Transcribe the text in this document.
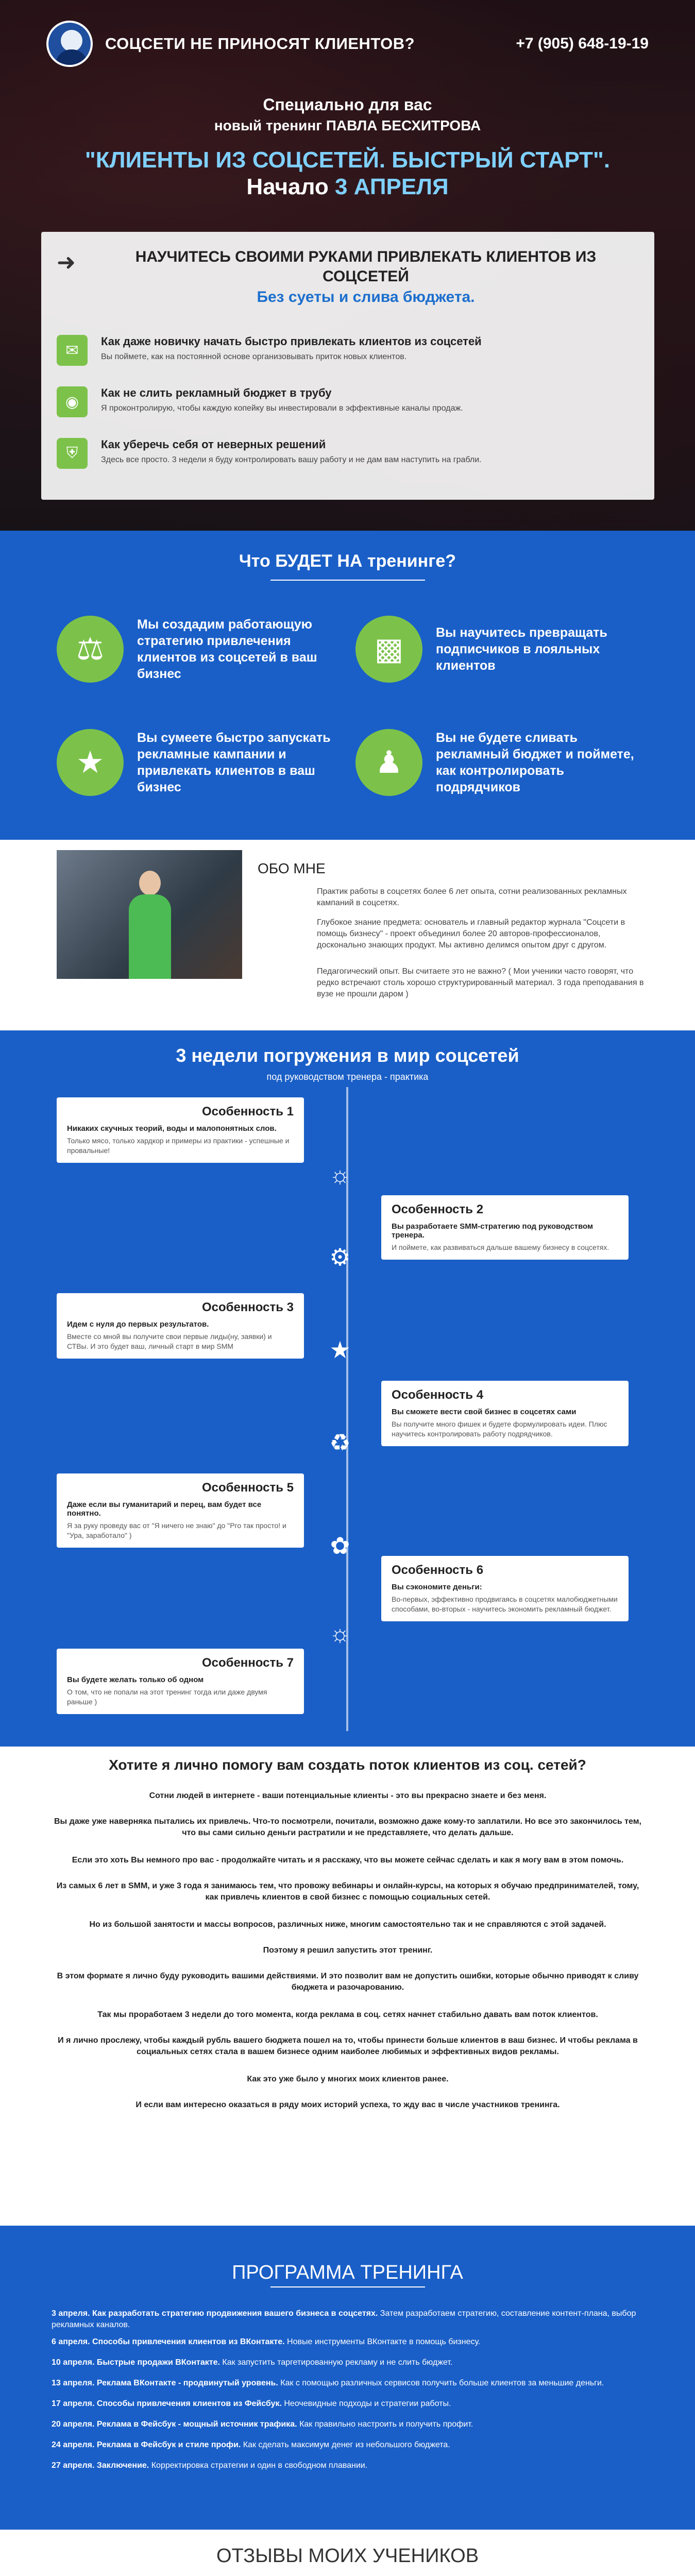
СОЦСЕТИ НЕ ПРИНОСЯТ КЛИЕНТОВ?	+7 (905) 648-19-19
Специально для вас
новый тренинг ПАВЛА БЕСХИТРОВА
"КЛИЕНТЫ ИЗ СОЦСЕТЕЙ. БЫСТРЫЙ СТАРТ".
Начало 3 АПРЕЛЯ
➜	НАУЧИТЕСЬ СВОИМИ РУКАМИ ПРИВЛЕКАТЬ КЛИЕНТОВ ИЗ СОЦСЕТЕЙ
Без суеты и слива бюджета.
✉
Как даже новичку начать быстро привлекать клиентов из соцсетей
Вы поймете, как на постоянной основе организовывать приток новых клиентов.
◉
Как не слить рекламный бюджет в трубу
Я проконтролирую, чтобы каждую копейку вы инвестировали в эффективные каналы продаж.
⛨
Как уберечь себя от неверных решений
Здесь все просто. 3 недели я буду контролировать вашу работу и не дам вам наступить на грабли.
Что БУДЕТ НА тренинге?
⚖
Мы создадим работающую стратегию привлечения клиентов из соцсетей в ваш бизнес
▩	Вы научитесь превращать подписчиков в лояльных клиентов
★
Вы сумеете быстро запускать рекламные кампании и привлекать клиентов в ваш бизнес
♟
Вы не будете сливать рекламный бюджет и поймете, как контролировать подрядчиков
ОБО МНЕ
Практик работы в соцсетях более 6 лет опыта, сотни реализованных рекламных кампаний в соцсетях.
Глубокое знание предмета: основатель и главный редактор журнала "Соцсети в помощь бизнесу" - проект объединил более 20 авторов-профессионалов, досконально знающих продукт. Мы активно делимся опытом друг с другом.
Педагогический опыт. Вы считаете это не важно? ( Мои ученики часто говорят, что редко встречают столь хорошо структурированный материал. 3 года преподавания в вузе не прошли даром )
3 недели погружения в мир соцсетей
под руководством тренера - практика
Особенность 1
Никаких скучных теорий, воды и малопонятных слов.
Только мясо, только хардкор и примеры из практики - успешные и провальные!
☼
Особенность 2
Вы разработаете SMM-стратегию под руководством тренера.
И поймете, как развиваться дальше вашему бизнесу в соцсетях.
⚙
Особенность 3
Идем с нуля до первых результатов.
Вместе со мной вы получите свои первые лиды(ну, заявки) и СТВы. И это будет ваш, личный старт в мир SMM	★
Особенность 4
Вы сможете вести свой бизнес в соцсетях сами
Вы получите много фишек и будете формулировать идеи. Плюс научитесь контролировать работу подрядчиков.
♻
Особенность 5
Даже если вы гуманитарий и перец, вам будет все понятно.
Я за руку проведу вас от "Я ничего не знаю" до "Рго так просто! и "Ура, заработало" )	✿
Особенность 6
Вы сэкономите деньги:
Во-первых, эффективно продвигаясь в соцсетях малобюджетными способами, во-вторых - научитесь экономить рекламный бюджет.
☼
Особенность 7
Вы будете желать только об одном
О том, что не попали на этот тренинг тогда или даже двумя раньше )
Хотите я лично помогу вам создать поток клиентов из соц. сетей?
Сотни людей в интернете - ваши потенциальные клиенты - это вы прекрасно знаете и без меня.
Вы даже уже наверняка пытались их привлечь. Что-то посмотрели, почитали, возможно даже кому-то заплатили. Но все это закончилось тем, что вы сами сильно деньги растратили и не представляете, что делать дальше.
Если это хоть Вы немного про вас - продолжайте читать и я расскажу, что вы можете сейчас сделать и как я могу вам в этом помочь.
Из самых 6 лет в SMM, и уже 3 года я занимаюсь тем, что провожу вебинары и онлайн-курсы, на которых я обучаю предпринимателей, тому, как привлечь клиентов в свой бизнес с помощью социальных сетей.
Но из большой занятости и массы вопросов, различных ниже, многим самостоятельно так и не справляются с этой задачей.
Поэтому я решил запустить этот тренинг.
В этом формате я лично буду руководить вашими действиями. И это позволит вам не допустить ошибки, которые обычно приводят к сливу бюджета и разочарованию.
Так мы проработаем 3 недели до того момента, когда реклама в соц. сетях начнет стабильно давать вам поток клиентов.
И я лично прослежу, чтобы каждый рубль вашего бюджета пошел на то, чтобы принести больше клиентов в ваш бизнес. И чтобы реклама в социальных сетях стала в вашем бизнесе одним наиболее любимых и эффективных видов рекламы.
Как это уже было у многих моих клиентов ранее.
И если вам интересно оказаться в ряду моих историй успеха, то жду вас в числе участников тренинга.
ПРОГРАММА ТРЕНИНГА
3 апреля. Как разработать стратегию продвижения вашего бизнеса в соцсетях. Затем разработаем стратегию, составление контент-плана, выбор рекламных каналов.
6 апреля. Способы привлечения клиентов из ВКонтакте. Новые инструменты ВКонтакте в помощь бизнесу.
10 апреля. Быстрые продажи ВКонтакте. Как запустить таргетированную рекламу и не слить бюджет.
13 апреля. Реклама ВКонтакте - продвинутый уровень. Как с помощью различных сервисов получить больше клиентов за меньшие деньги.
17 апреля. Способы привлечения клиентов из Фейсбук. Неочевидные подходы и стратегии работы.
20 апреля. Реклама в Фейсбук - мощный источник трафика. Как правильно настроить и получить профит.
24 апреля. Реклама в Фейсбук и стиле профи. Как сделать максимум денег из небольшого бюджета.
27 апреля. Заключение. Корректировка стратегии и один в свободном плавании.
ОТЗЫВЫ МОИХ УЧЕНИКОВ
